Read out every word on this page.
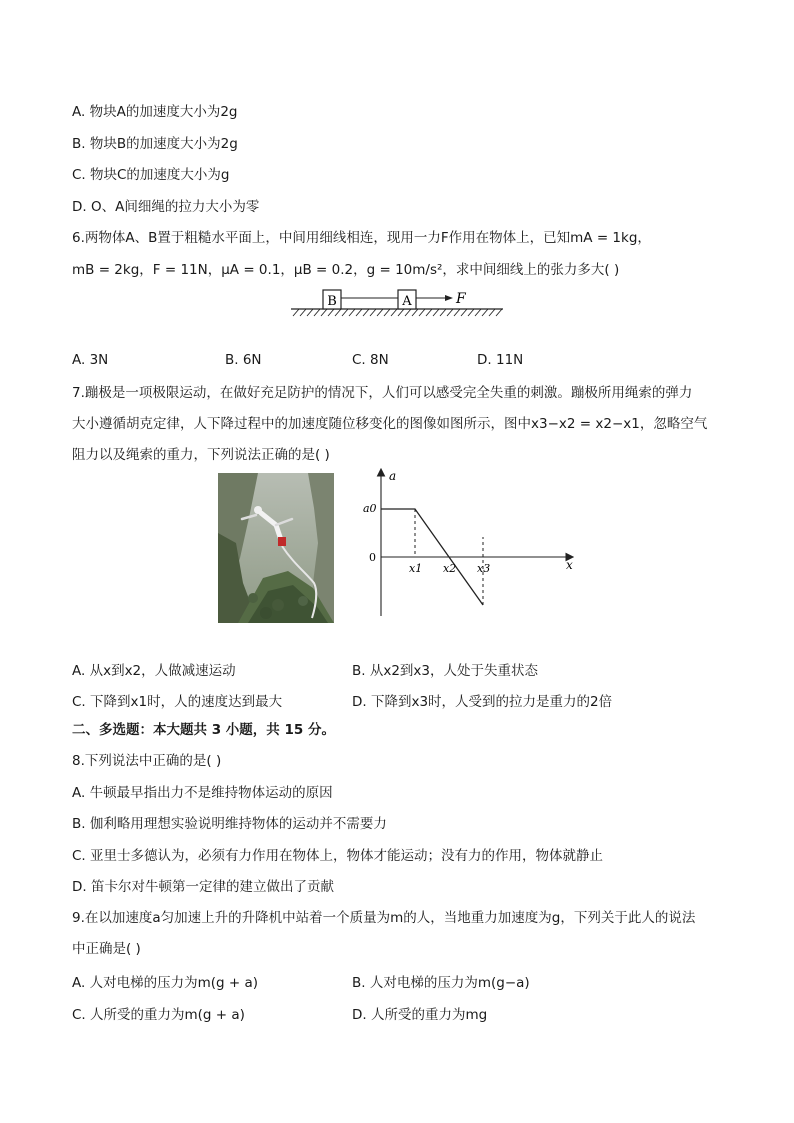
A. 物块A的加速度大小为2g
B. 物块B的加速度大小为2g
C. 物块C的加速度大小为g
D. O、A间细绳的拉力大小为零
6.两物体A、B置于粗糙水平面上，中间用细线相连，现用一力F作用在物体上，已知mA = 1kg，
mB = 2kg，F = 11N，μA = 0.1，μB = 0.2，g = 10m/s²，求中间细线上的张力多大( )
B	A	F
A. 3N	B. 6N	C. 8N	D. 11N
7.蹦极是一项极限运动，在做好充足防护的情况下，人们可以感受完全失重的刺激。蹦极所用绳索的弹力
大小遵循胡克定律，人下降过程中的加速度随位移变化的图像如图所示，图中x3−x2 = x2−x1，忽略空气
阻力以及绳索的重力，下列说法正确的是( )
a
x
a0
0
x1 x2 x3
A. 从x到x2，人做减速运动	B. 从x2到x3，人处于失重状态
C. 下降到x1时，人的速度达到最大	D. 下降到x3时，人受到的拉力是重力的2倍
二、多选题：本大题共 3 小题，共 15 分。
8.下列说法中正确的是( )
A. 牛顿最早指出力不是维持物体运动的原因
B. 伽利略用理想实验说明维持物体的运动并不需要力
C. 亚里士多德认为，必须有力作用在物体上，物体才能运动；没有力的作用，物体就静止
D. 笛卡尔对牛顿第一定律的建立做出了贡献
9.在以加速度a匀加速上升的升降机中站着一个质量为m的人，当地重力加速度为g，下列关于此人的说法
中正确是( )
A. 人对电梯的压力为m(g + a)	B. 人对电梯的压力为m(g−a)
C. 人所受的重力为m(g + a)	D. 人所受的重力为mg
